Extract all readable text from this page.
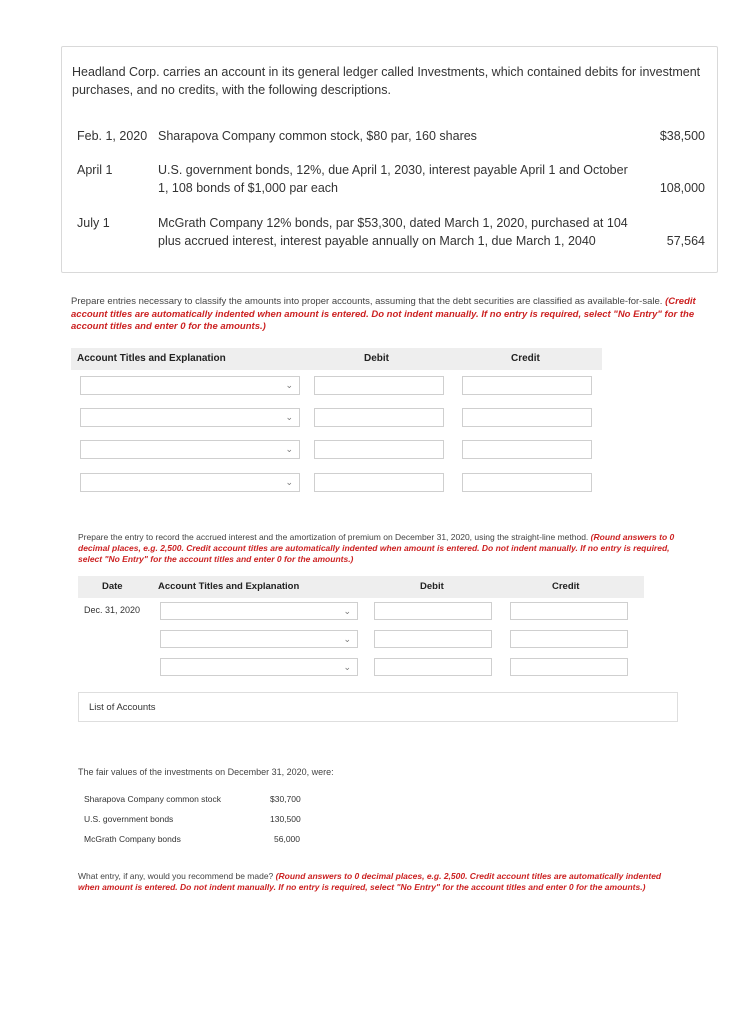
Headland Corp. carries an account in its general ledger called Investments, which contained debits for investment purchases, and no credits, with the following descriptions.
Feb. 1, 2020 Sharapova Company common stock, $80 par, 160 shares	$38,500
April 1	U.S. government bonds, 12%, due April 1, 2030, interest payable April 1 and October 1, 108 bonds of $1,000 par each	108,000
July 1	McGrath Company 12% bonds, par $53,300, dated March 1, 2020, purchased at 104 plus accrued interest, interest payable annually on March 1, due March 1, 2040	57,564
Prepare entries necessary to classify the amounts into proper accounts, assuming that the debt securities are classified as available-for-sale. (Credit account titles are automatically indented when amount is entered. Do not indent manually. If no entry is required, select "No Entry" for the account titles and enter 0 for the amounts.)
Account Titles and Explanation	Debit	Credit
⌄
⌄
⌄
⌄
Prepare the entry to record the accrued interest and the amortization of premium on December 31, 2020, using the straight-line method. (Round answers to 0 decimal places, e.g. 2,500. Credit account titles are automatically indented when amount is entered. Do not indent manually. If no entry is required, select "No Entry" for the account titles and enter 0 for the amounts.)
Date	Account Titles and Explanation	Debit	Credit
Dec. 31, 2020	⌄
⌄
⌄
List of Accounts
The fair values of the investments on December 31, 2020, were:
Sharapova Company common stock	$30,700
U.S. government bonds	130,500
McGrath Company bonds	56,000
What entry, if any, would you recommend be made? (Round answers to 0 decimal places, e.g. 2,500. Credit account titles are automatically indented when amount is entered. Do not indent manually. If no entry is required, select "No Entry" for the account titles and enter 0 for the amounts.)
